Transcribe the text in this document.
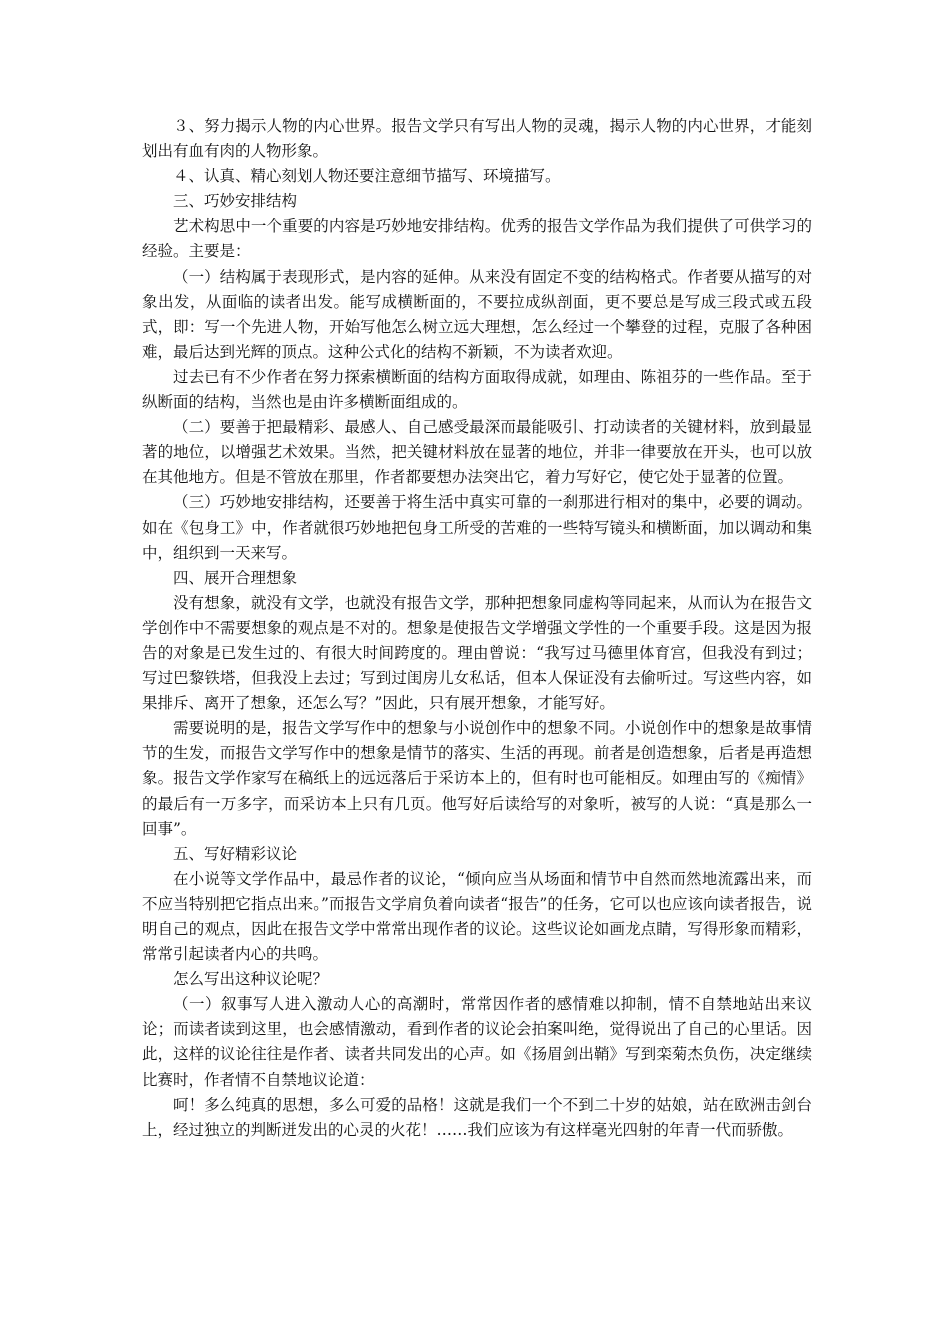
３、努力揭示人物的内心世界。报告文学只有写出人物的灵魂，揭示人物的内心世界，才能刻划出有血有肉的人物形象。

４、认真、精心刻划人物还要注意细节描写、环境描写。

三、巧妙安排结构

艺术构思中一个重要的内容是巧妙地安排结构。优秀的报告文学作品为我们提供了可供学习的经验。主要是：

（一）结构属于表现形式，是内容的延伸。从来没有固定不变的结构格式。作者要从描写的对象出发，从面临的读者出发。能写成横断面的，不要拉成纵剖面，更不要总是写成三段式或五段式，即：写一个先进人物，开始写他怎么树立远大理想，怎么经过一个攀登的过程，克服了各种困难，最后达到光辉的顶点。这种公式化的结构不新颖，不为读者欢迎。

过去已有不少作者在努力探索横断面的结构方面取得成就，如理由、陈祖芬的一些作品。至于纵断面的结构，当然也是由许多横断面组成的。

（二）要善于把最精彩、最感人、自己感受最深而最能吸引、打动读者的关键材料，放到最显著的地位，以增强艺术效果。当然，把关键材料放在显著的地位，并非一律要放在开头，也可以放在其他地方。但是不管放在那里，作者都要想办法突出它，着力写好它，使它处于显著的位置。

（三）巧妙地安排结构，还要善于将生活中真实可靠的一刹那进行相对的集中，必要的调动。如在《包身工》中，作者就很巧妙地把包身工所受的苦难的一些特写镜头和横断面，加以调动和集中，组织到一天来写。

四、展开合理想象

没有想象，就没有文学，也就没有报告文学，那种把想象同虚构等同起来，从而认为在报告文学创作中不需要想象的观点是不对的。想象是使报告文学增强文学性的一个重要手段。这是因为报告的对象是已发生过的、有很大时间跨度的。理由曾说：“我写过马德里体育宫，但我没有到过；写过巴黎铁塔，但我没上去过；写到过闺房儿女私话，但本人保证没有去偷听过。写这些内容，如果排斥、离开了想象，还怎么写？”因此，只有展开想象，才能写好。

需要说明的是，报告文学写作中的想象与小说创作中的想象不同。小说创作中的想象是故事情节的生发，而报告文学写作中的想象是情节的落实、生活的再现。前者是创造想象，后者是再造想象。报告文学作家写在稿纸上的远远落后于采访本上的，但有时也可能相反。如理由写的《痴情》的最后有一万多字，而采访本上只有几页。他写好后读给写的对象听，被写的人说：“真是那么一回事”。

五、写好精彩议论

在小说等文学作品中，最忌作者的议论，“倾向应当从场面和情节中自然而然地流露出来，而不应当特别把它指点出来。”而报告文学肩负着向读者“报告”的任务，它可以也应该向读者报告，说明自己的观点，因此在报告文学中常常出现作者的议论。这些议论如画龙点睛，写得形象而精彩，常常引起读者内心的共鸣。

怎么写出这种议论呢？

（一）叙事写人进入激动人心的高潮时，常常因作者的感情难以抑制，情不自禁地站出来议论；而读者读到这里，也会感情激动，看到作者的议论会拍案叫绝，觉得说出了自己的心里话。因此，这样的议论往往是作者、读者共同发出的心声。如《扬眉剑出鞘》写到栾菊杰负伤，决定继续比赛时，作者情不自禁地议论道：

呵！多么纯真的思想，多么可爱的品格！这就是我们一个不到二十岁的姑娘，站在欧洲击剑台上，经过独立的判断迸发出的心灵的火花！……我们应该为有这样毫光四射的年青一代而骄傲。
